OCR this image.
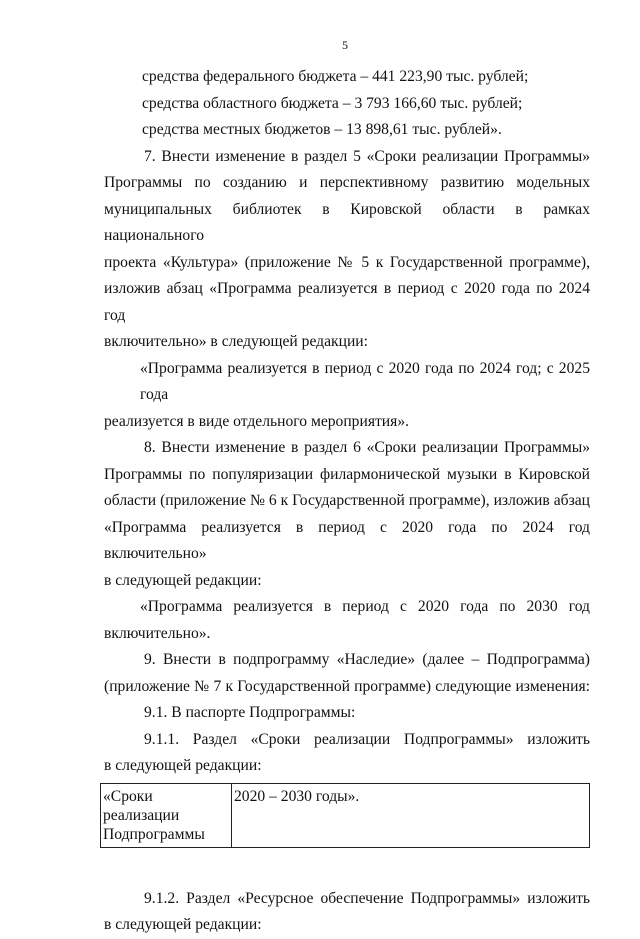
5
средства федерального бюджета – 441 223,90 тыс. рублей;
средства областного бюджета – 3 793 166,60 тыс. рублей;
средства местных бюджетов – 13 898,61 тыс. рублей».
7. Внести изменение в раздел 5 «Сроки реализации Программы»
Программы по созданию и перспективному развитию модельных
муниципальных библиотек в Кировской области в рамках национального
проекта «Культура» (приложение № 5 к Государственной программе),
изложив абзац «Программа реализуется в период с 2020 года по 2024 год
включительно» в следующей редакции:
«Программа реализуется в период с 2020 года по 2024 год; с 2025 года
реализуется в виде отдельного мероприятия».
8. Внести изменение в раздел 6 «Сроки реализации Программы»
Программы по популяризации филармонической музыки в Кировской
области (приложение № 6 к Государственной программе), изложив абзац
«Программа реализуется в период с 2020 года по 2024 год включительно»
в следующей редакции:
«Программа реализуется в период с 2020 года по 2030 год
включительно».
9. Внести в подпрограмму «Наследие» (далее – Подпрограмма)
(приложение № 7 к Государственной программе) следующие изменения:
9.1. В паспорте Подпрограммы:
9.1.1. Раздел «Сроки реализации Подпрограммы» изложить
в следующей редакции:
«Сроки реализации Подпрограммы	2020 – 2030 годы».
9.1.2. Раздел «Ресурсное обеспечение Подпрограммы» изложить
в следующей редакции:
